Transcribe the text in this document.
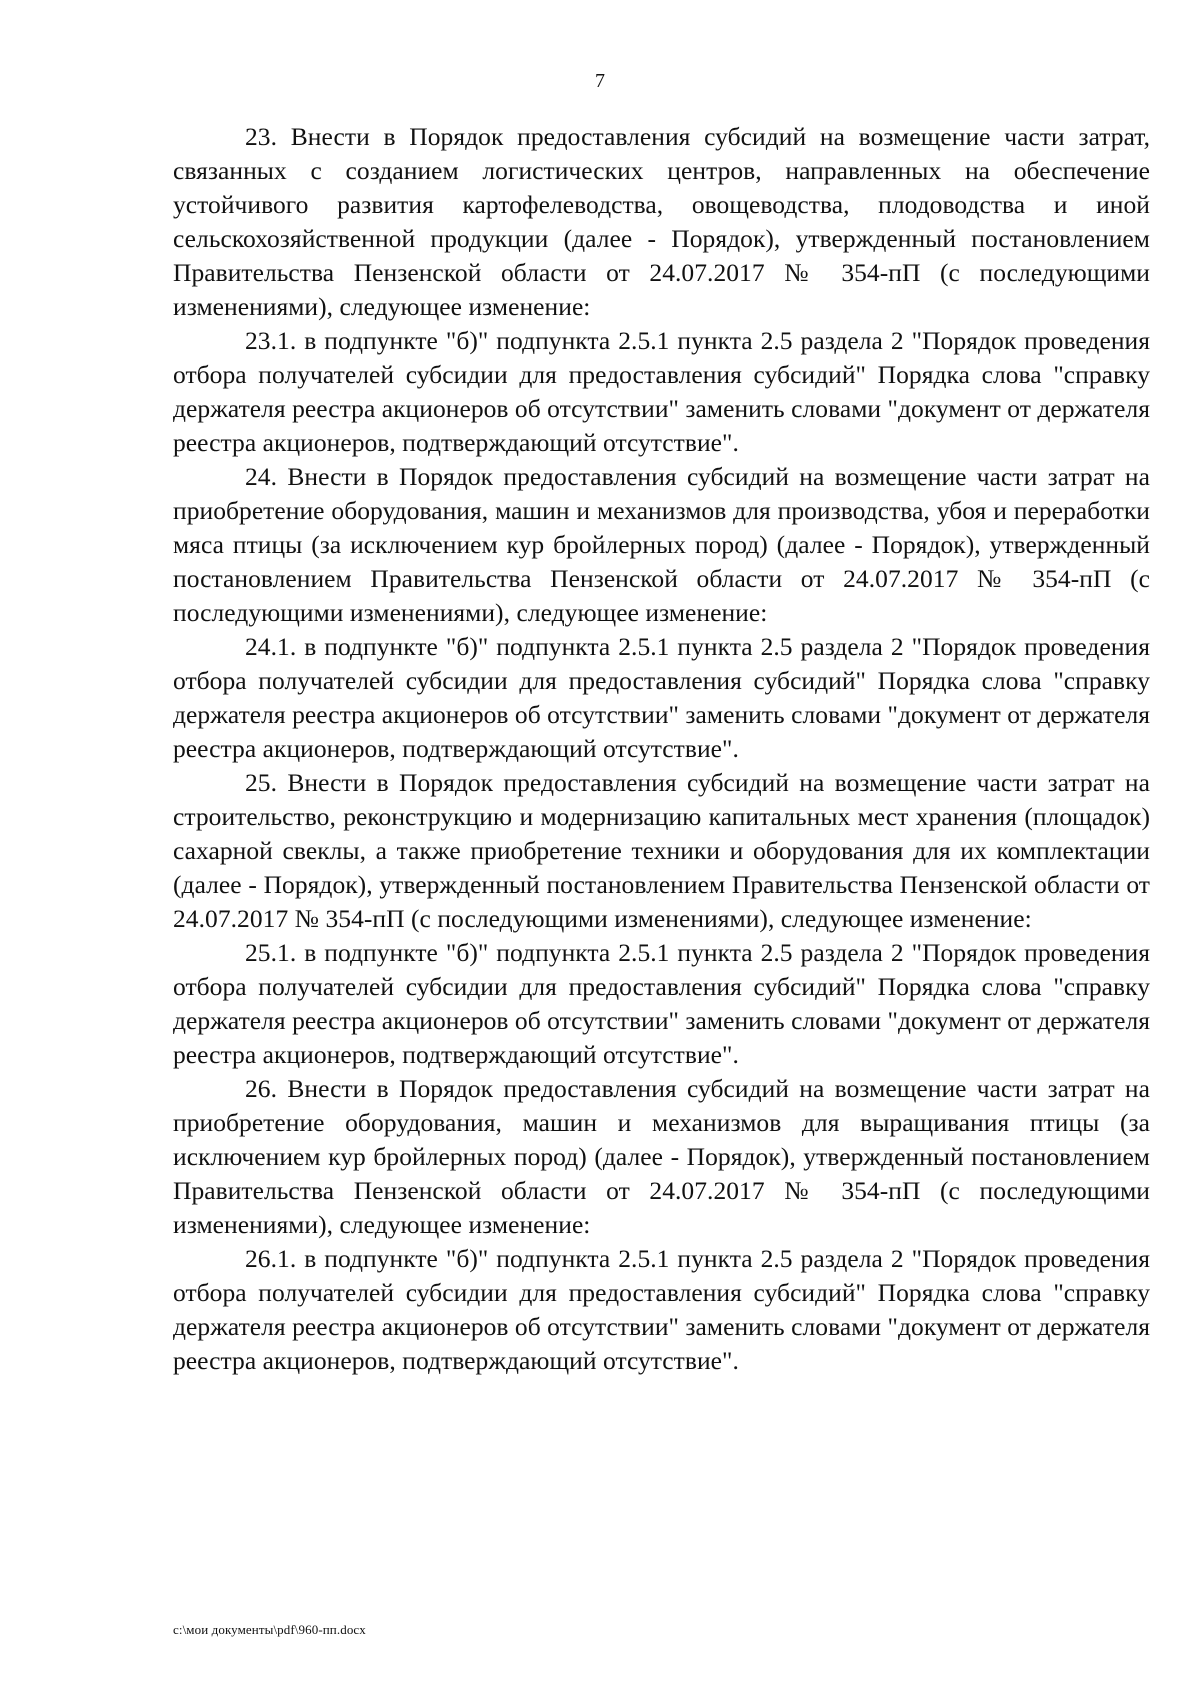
7

23. Внести в Порядок предоставления субсидий на возмещение части затрат, связанных с созданием логистических центров, направленных на обеспечение устойчивого развития картофелеводства, овощеводства, плодоводства и иной сельскохозяйственной продукции (далее - Порядок), утвержденный постановлением Правительства Пензенской области от 24.07.2017 № 354-пП (с последующими изменениями), следующее изменение:

23.1. в подпункте "б)" подпункта 2.5.1 пункта 2.5 раздела 2 "Порядок проведения отбора получателей субсидии для предоставления субсидий" Порядка слова "справку держателя реестра акционеров об отсутствии" заменить словами "документ от держателя реестра акционеров, подтверждающий отсутствие".

24. Внести в Порядок предоставления субсидий на возмещение части затрат на приобретение оборудования, машин и механизмов для производства, убоя и переработки мяса птицы (за исключением кур бройлерных пород) (далее - Порядок), утвержденный постановлением Правительства Пензенской области от 24.07.2017 № 354-пП (с последующими изменениями), следующее изменение:

24.1. в подпункте "б)" подпункта 2.5.1 пункта 2.5 раздела 2 "Порядок проведения отбора получателей субсидии для предоставления субсидий" Порядка слова "справку держателя реестра акционеров об отсутствии" заменить словами "документ от держателя реестра акционеров, подтверждающий отсутствие".

25. Внести в Порядок предоставления субсидий на возмещение части затрат на строительство, реконструкцию и модернизацию капитальных мест хранения (площадок) сахарной свеклы, а также приобретение техники и оборудования для их комплектации (далее - Порядок), утвержденный постановлением Правительства Пензенской области от 24.07.2017 № 354-пП (с последующими изменениями), следующее изменение:

25.1. в подпункте "б)" подпункта 2.5.1 пункта 2.5 раздела 2 "Порядок проведения отбора получателей субсидии для предоставления субсидий" Порядка слова "справку держателя реестра акционеров об отсутствии" заменить словами "документ от держателя реестра акционеров, подтверждающий отсутствие".

26. Внести в Порядок предоставления субсидий на возмещение части затрат на приобретение оборудования, машин и механизмов для выращивания птицы (за исключением кур бройлерных пород) (далее - Порядок), утвержденный постановлением Правительства Пензенской области от 24.07.2017 № 354-пП (с последующими изменениями), следующее изменение:

26.1. в подпункте "б)" подпункта 2.5.1 пункта 2.5 раздела 2 "Порядок проведения отбора получателей субсидии для предоставления субсидий" Порядка слова "справку держателя реестра акционеров об отсутствии" заменить словами "документ от держателя реестра акционеров, подтверждающий отсутствие".

c:\мои документы\pdf\960-пп.docx
